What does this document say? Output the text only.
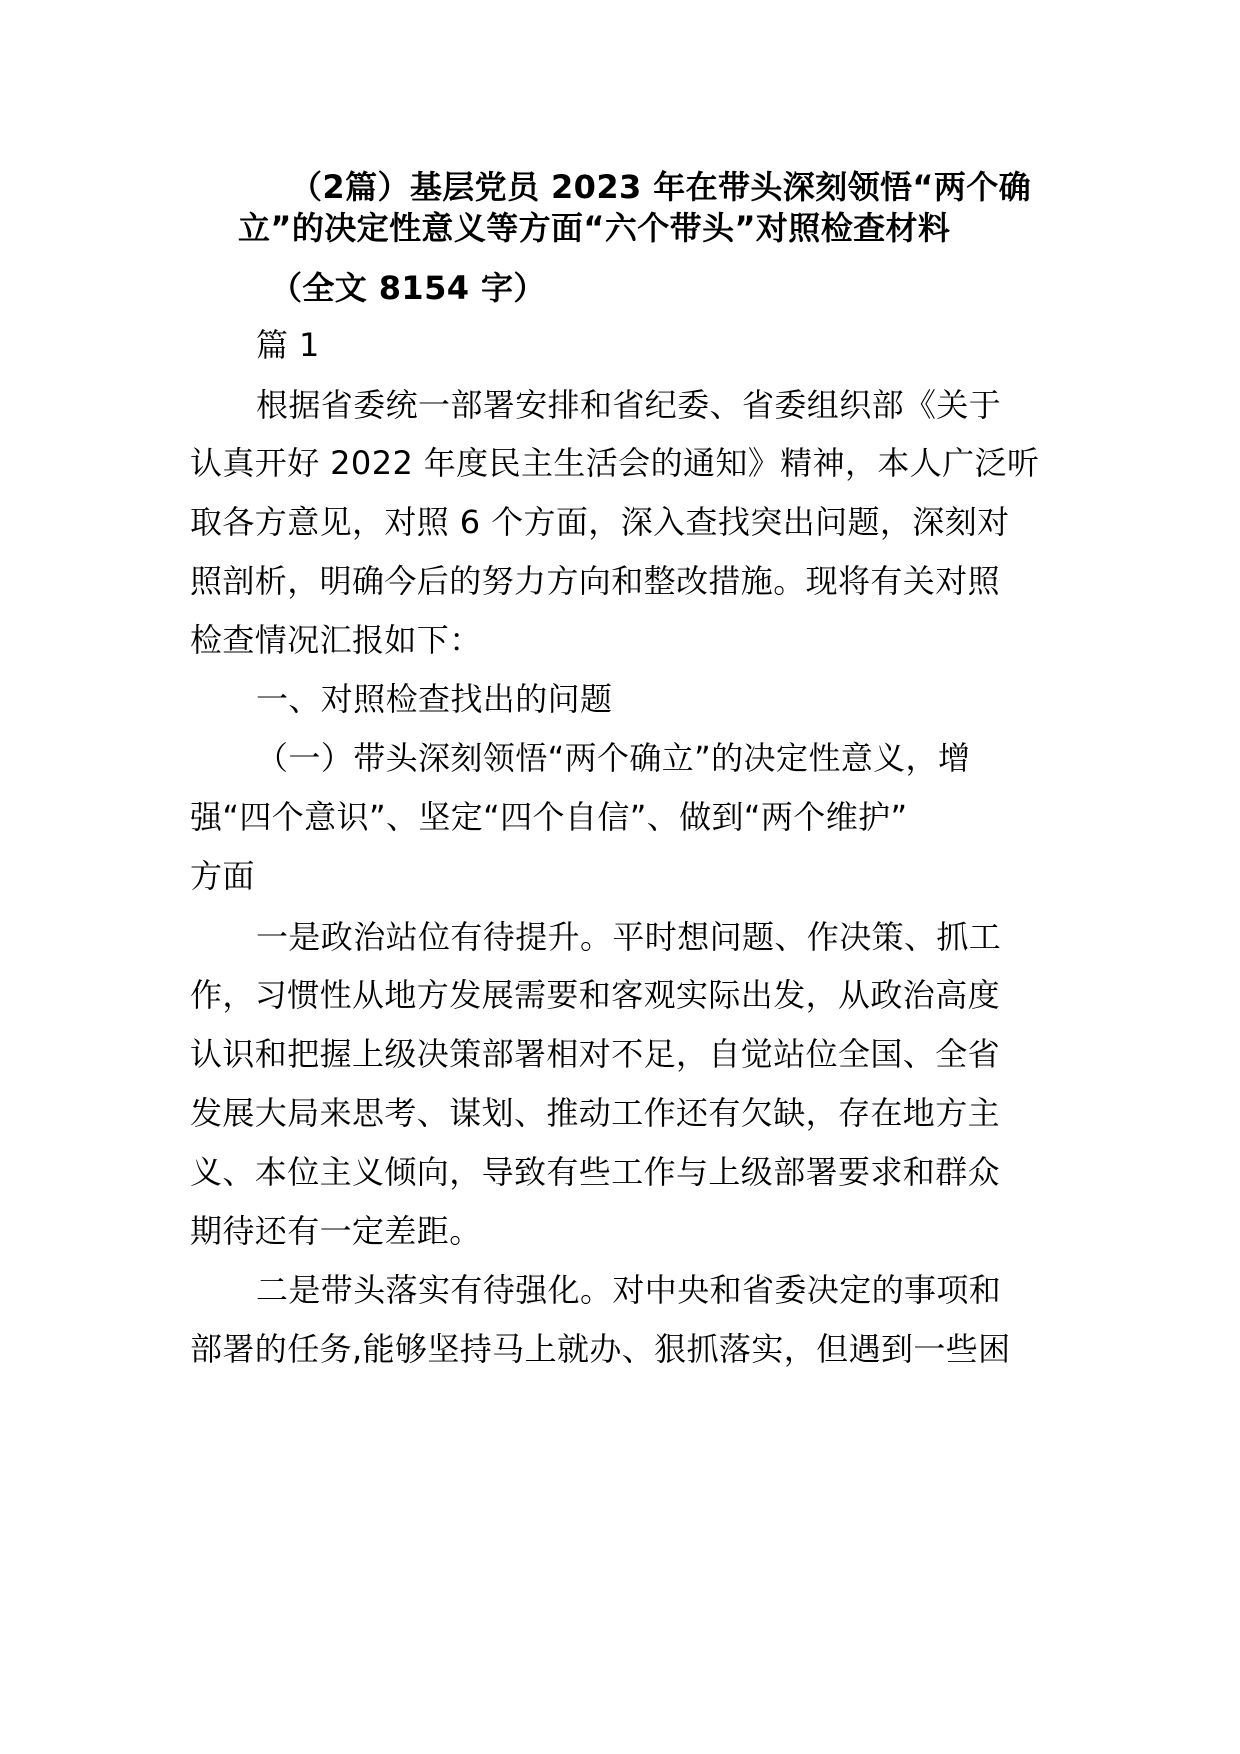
（2篇）基层党员 2023 年在带头深刻领悟“两个确
立”的决定性意义等方面“六个带头”对照检查材料
（全文 8154 字）
篇 1
根据省委统一部署安排和省纪委、省委组织部《关于
认真开好 2022 年度民主生活会的通知》精神，本人广泛听
取各方意见，对照 6 个方面，深入查找突出问题，深刻对
照剖析，明确今后的努力方向和整改措施。现将有关对照
检查情况汇报如下：
一、对照检查找出的问题
（一）带头深刻领悟“两个确立”的决定性意义，增
强“四个意识”、坚定“四个自信”、做到“两个维护”
方面
一是政治站位有待提升。平时想问题、作决策、抓工
作，习惯性从地方发展需要和客观实际出发，从政治高度
认识和把握上级决策部署相对不足，自觉站位全国、全省
发展大局来思考、谋划、推动工作还有欠缺，存在地方主
义、本位主义倾向，导致有些工作与上级部署要求和群众
期待还有一定差距。
二是带头落实有待强化。对中央和省委决定的事项和
部署的任务,能够坚持马上就办、狠抓落实，但遇到一些困
